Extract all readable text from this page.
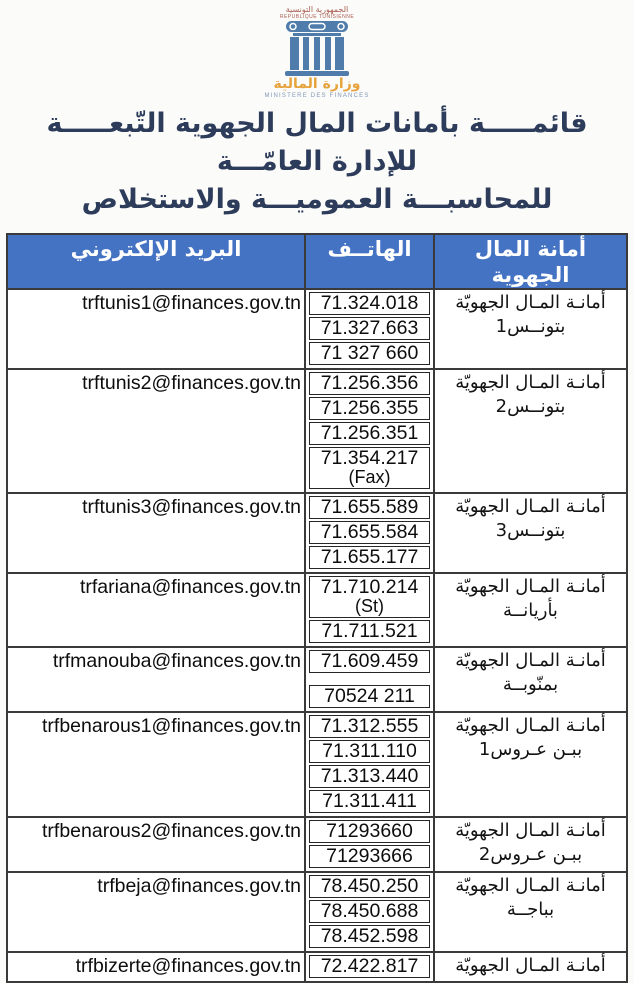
الجمهورية التونسية
REPUBLIQUE TUNISIENNE
وزارة المالية
MINISTERE DES FINANCES
قائمـــــة بأمانات المال الجهوية التّبعـــــة
للإدارة العامّـــة
للمحاسبـــة العموميـــة والاستخلاص
أمانة المال الجهوية
الهاتــف
البريد الإلكتروني
أمانـة المـال الجهويّة
بتونــس1
71.324.018
71.327.663
71 327 660
trftunis1@finances.gov.tn
أمانـة المـال الجهويّة
بتونــس2
71.256.356
71.256.355
71.256.351
71.354.217
(Fax)
trftunis2@finances.gov.tn
أمانـة المـال الجهويّة
بتونــس3
71.655.589
71.655.584
71.655.177
trftunis3@finances.gov.tn
أمانـة المـال الجهويّة
بأريانــة
71.710.214
(St)
71.711.521
trfariana@finances.gov.tn
أمانـة المـال الجهويّة
بمنّوبــة
71.609.459
70524 211
trfmanouba@finances.gov.tn
أمانـة المـال الجهويّة
ببـن عـروس1
71.312.555
71.311.110
71.313.440
71.311.411
trfbenarous1@finances.gov.tn
أمانـة المـال الجهويّة
ببـن عـروس2
71293660
71293666
trfbenarous2@finances.gov.tn
أمانـة المـال الجهويّة
بباجــة
78.450.250
78.450.688
78.452.598
trfbeja@finances.gov.tn
أمانـة المـال الجهويّة
72.422.817
trfbizerte@finances.gov.tn
